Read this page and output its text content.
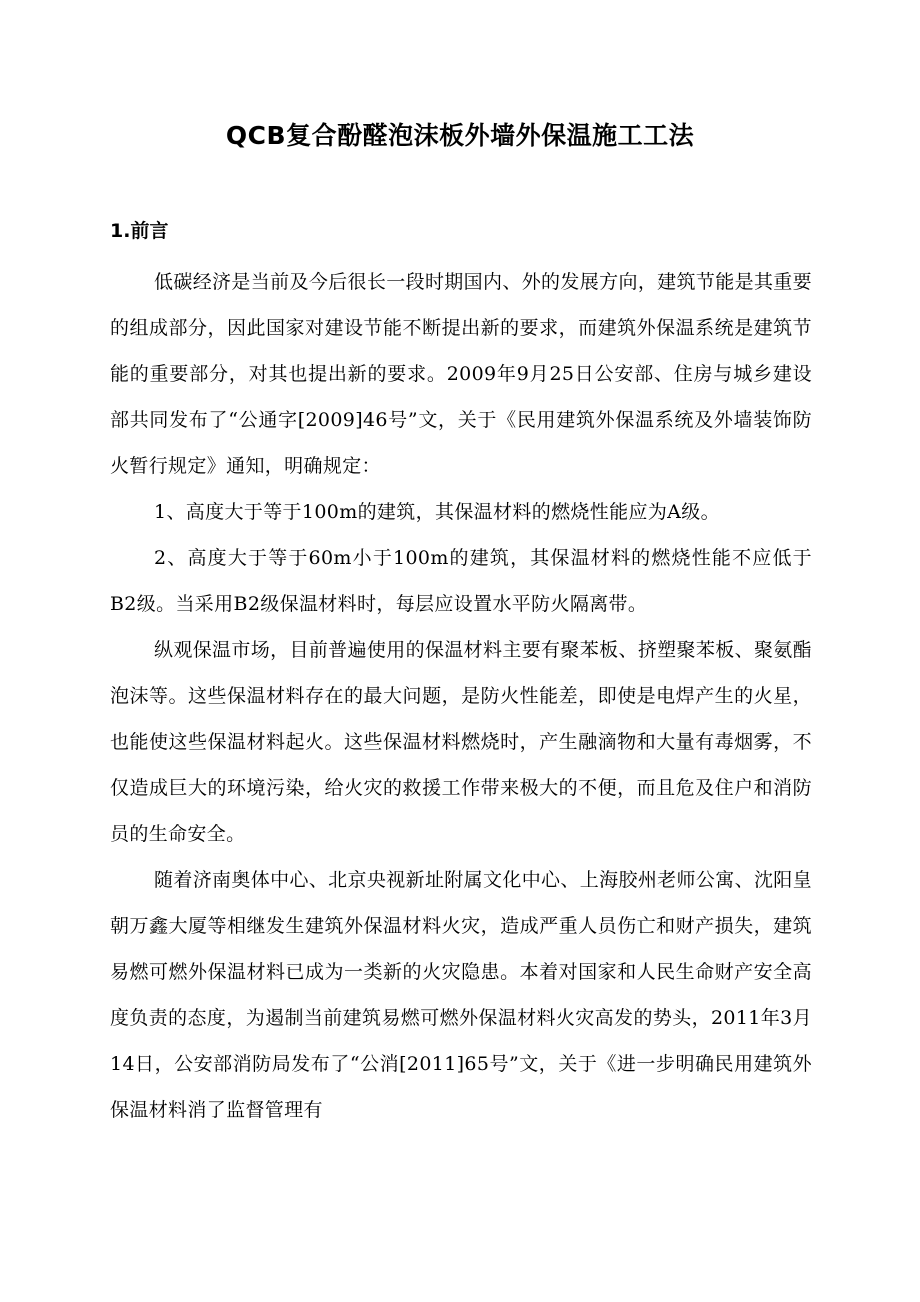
QCB复合酚醛泡沫板外墙外保温施工工法
1.前言

低碳经济是当前及今后很长一段时期国内、外的发展方向，建筑节能是其重要的组成部分，因此国家对建设节能不断提出新的要求，而建筑外保温系统是建筑节能的重要部分，对其也提出新的要求。2009年9月25日公安部、住房与城乡建设部共同发布了“公通字[2009]46号”文，关于《民用建筑外保温系统及外墙装饰防火暂行规定》通知，明确规定：

1、高度大于等于100m的建筑，其保温材料的燃烧性能应为A级。

2、高度大于等于60m小于100m的建筑，其保温材料的燃烧性能不应低于B2级。当采用B2级保温材料时，每层应设置水平防火隔离带。

纵观保温市场，目前普遍使用的保温材料主要有聚苯板、挤塑聚苯板、聚氨酯泡沫等。这些保温材料存在的最大问题，是防火性能差，即使是电焊产生的火星，也能使这些保温材料起火。这些保温材料燃烧时，产生融滴物和大量有毒烟雾，不仅造成巨大的环境污染，给火灾的救援工作带来极大的不便，而且危及住户和消防员的生命安全。

随着济南奥体中心、北京央视新址附属文化中心、上海胶州老师公寓、沈阳皇朝万鑫大厦等相继发生建筑外保温材料火灾，造成严重人员伤亡和财产损失，建筑易燃可燃外保温材料已成为一类新的火灾隐患。本着对国家和人民生命财产安全高度负责的态度，为遏制当前建筑易燃可燃外保温材料火灾高发的势头，2011年3月14日，公安部消防局发布了“公消[2011]65号”文，关于《进一步明确民用建筑外保温材料消了监督管理有
